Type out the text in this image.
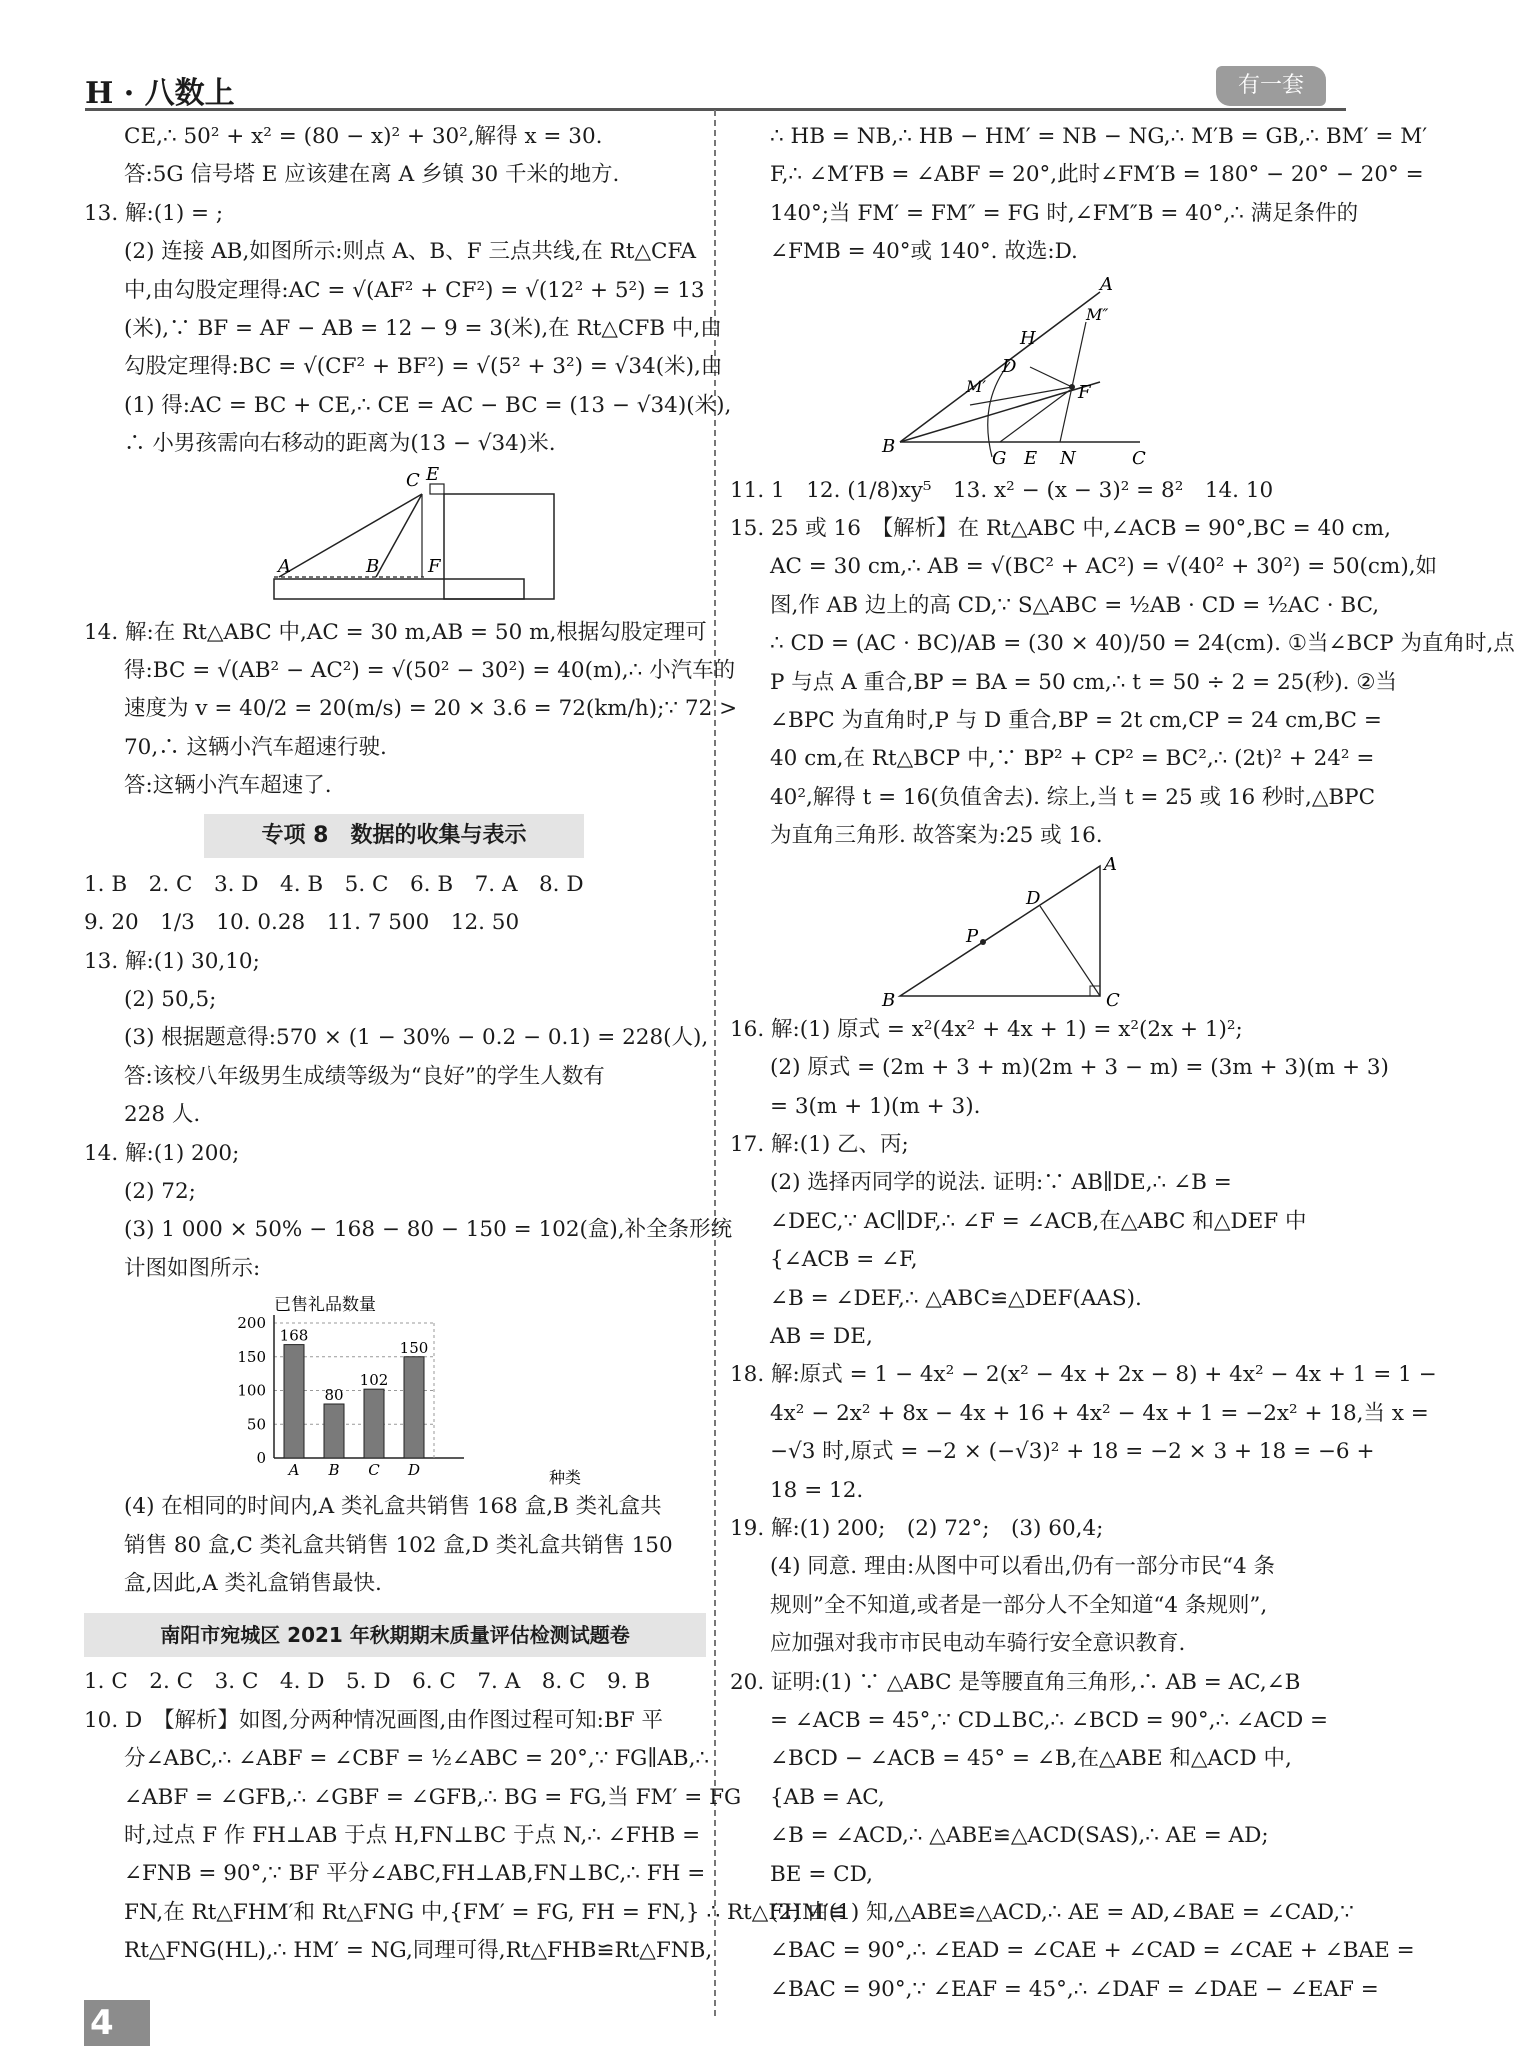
H · 八数上	有一套
CE,∴ 50² + x² = (80 − x)² + 30²,解得 x = 30.
答:5G 信号塔 E 应该建在离 A 乡镇 30 千米的地方.
13. 解:(1) = ;
(2) 连接 AB,如图所示:则点 A、B、F 三点共线,在 Rt△CFA
中,由勾股定理得:AC = √(AF² + CF²) = √(12² + 5²) = 13
(米),∵ BF = AF − AB = 12 − 9 = 3(米),在 Rt△CFB 中,由
勾股定理得:BC = √(CF² + BF²) = √(5² + 3²) = √34(米),由
(1) 得:AC = BC + CE,∴ CE = AC − BC = (13 − √34)(米),
∴ 小男孩需向右移动的距离为(13 − √34)米.
C E
A	B	F
14. 解:在 Rt△ABC 中,AC = 30 m,AB = 50 m,根据勾股定理可
得:BC = √(AB² − AC²) = √(50² − 30²) = 40(m),∴ 小汽车的
速度为 v = 40/2 = 20(m/s) = 20 × 3.6 = 72(km/h);∵ 72 >
70,∴ 这辆小汽车超速行驶.
答:这辆小汽车超速了.
专项 8　数据的收集与表示
1. B　2. C　3. D　4. B　5. C　6. B　7. A　8. D
9. 20　1/3　10. 0.28　11. 7 500　12. 50
13. 解:(1) 30,10;
(2) 50,5;
(3) 根据题意得:570 × (1 − 30% − 0.2 − 0.1) = 228(人),
答:该校八年级男生成绩等级为“良好”的学生人数有
228 人.
14. 解:(1) 200;
(2) 72;
(3) 1 000 × 50% − 168 − 80 − 150 = 102(盒),补全条形统
计图如图所示:
已售礼品数量
种类
0
50
100
150
200
168
A
80
B
102
C
150
D
(4) 在相同的时间内,A 类礼盒共销售 168 盒,B 类礼盒共
销售 80 盒,C 类礼盒共销售 102 盒,D 类礼盒共销售 150
盒,因此,A 类礼盒销售最快.
南阳市宛城区 2021 年秋期期末质量评估检测试题卷
1. C　2. C　3. C　4. D　5. D　6. C　7. A　8. C　9. B
10. D　【解析】如图,分两种情况画图,由作图过程可知:BF 平
分∠ABC,∴ ∠ABF = ∠CBF = ½∠ABC = 20°,∵ FG∥AB,∴
∠ABF = ∠GFB,∴ ∠GBF = ∠GFB,∴ BG = FG,当 FM′ = FG
时,过点 F 作 FH⊥AB 于点 H,FN⊥BC 于点 N,∴ ∠FHB =
∠FNB = 90°,∵ BF 平分∠ABC,FH⊥AB,FN⊥BC,∴ FH =
FN,在 Rt△FHM′和 Rt△FNG 中,{FM′ = FG, FH = FN,} ∴ Rt△FHM′≌
Rt△FNG(HL),∴ HM′ = NG,同理可得,Rt△FHB≌Rt△FNB,
∴ HB = NB,∴ HB − HM′ = NB − NG,∴ M′B = GB,∴ BM′ = M′
F,∴ ∠M′FB = ∠ABF = 20°,此时∠FM′B = 180° − 20° − 20° =
140°;当 FM′ = FM″ = FG 时,∠FM″B = 40°,∴ 满足条件的
∠FMB = 40°或 140°. 故选:D.
A
M″
H
D
M′	F
B
G E N	C
11. 1　12. (1/8)xy⁵　13. x² − (x − 3)² = 8²　14. 10
15. 25 或 16　【解析】在 Rt△ABC 中,∠ACB = 90°,BC = 40 cm,
AC = 30 cm,∴ AB = √(BC² + AC²) = √(40² + 30²) = 50(cm),如
图,作 AB 边上的高 CD,∵ S△ABC = ½AB · CD = ½AC · BC,
∴ CD = (AC · BC)/AB = (30 × 40)/50 = 24(cm). ①当∠BCP 为直角时,点
P 与点 A 重合,BP = BA = 50 cm,∴ t = 50 ÷ 2 = 25(秒). ②当
∠BPC 为直角时,P 与 D 重合,BP = 2t cm,CP = 24 cm,BC =
40 cm,在 Rt△BCP 中,∵ BP² + CP² = BC²,∴ (2t)² + 24² =
40²,解得 t = 16(负值舍去). 综上,当 t = 25 或 16 秒时,△BPC
为直角三角形. 故答案为:25 或 16.
A
D
P
B	C
16. 解:(1) 原式 = x²(4x² + 4x + 1) = x²(2x + 1)²;
(2) 原式 = (2m + 3 + m)(2m + 3 − m) = (3m + 3)(m + 3)
= 3(m + 1)(m + 3).
17. 解:(1) 乙、丙;
(2) 选择丙同学的说法. 证明:∵ AB∥DE,∴ ∠B =
∠DEC,∵ AC∥DF,∴ ∠F = ∠ACB,在△ABC 和△DEF 中
{∠ACB = ∠F,
∠B = ∠DEF,∴ △ABC≌△DEF(AAS).
AB = DE,
18. 解:原式 = 1 − 4x² − 2(x² − 4x + 2x − 8) + 4x² − 4x + 1 = 1 −
4x² − 2x² + 8x − 4x + 16 + 4x² − 4x + 1 = −2x² + 18,当 x =
−√3 时,原式 = −2 × (−√3)² + 18 = −2 × 3 + 18 = −6 +
18 = 12.
19. 解:(1) 200;　(2) 72°;　(3) 60,4;
(4) 同意. 理由:从图中可以看出,仍有一部分市民“4 条
规则”全不知道,或者是一部分人不全知道“4 条规则”,
应加强对我市市民电动车骑行安全意识教育.
20. 证明:(1) ∵ △ABC 是等腰直角三角形,∴ AB = AC,∠B
= ∠ACB = 45°,∵ CD⊥BC,∴ ∠BCD = 90°,∴ ∠ACD =
∠BCD − ∠ACB = 45° = ∠B,在△ABE 和△ACD 中,
{AB = AC,
∠B = ∠ACD,∴ △ABE≌△ACD(SAS),∴ AE = AD;
BE = CD,
(2) 由(1) 知,△ABE≌△ACD,∴ AE = AD,∠BAE = ∠CAD,∵
∠BAC = 90°,∴ ∠EAD = ∠CAE + ∠CAD = ∠CAE + ∠BAE =
∠BAC = 90°,∵ ∠EAF = 45°,∴ ∠DAF = ∠DAE − ∠EAF =
4
